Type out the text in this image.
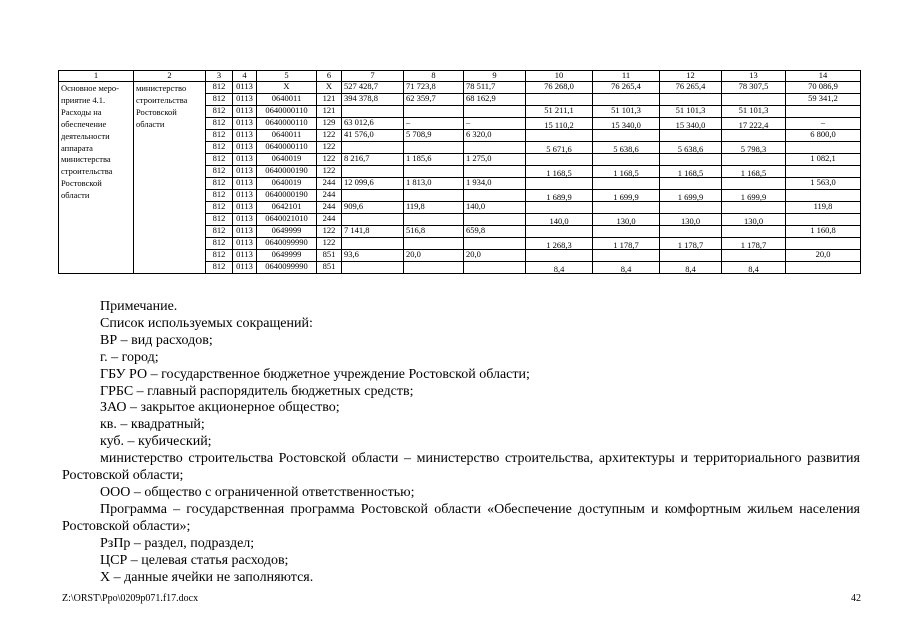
1	2	3	4	5	6	7	8	9	10	11	12	13	14
Основное меро-приятие 4.1. Расходы на обеспечение деятельности аппарата министерства строительства Ростовской области	министерство строительства Ростовской области	812	0113	Х	Х	527 428,7	71 723,8	78 511,7	76 268,0	76 265,4	76 265,4	78 307,5	70 086,9
		812	0113	0640011	121	394 378,8	62 359,7	68 162,9					59 341,2
		812	0113	0640000110	121				51 211,1	51 101,3	51 101,3	51 101,3	
		812	0113	0640000110	129	63 012,6	–	–	15 110,2	15 340,0	15 340,0	17 222,4	–
		812	0113	0640011	122	41 576,0	5 708,9	6 320,0					6 800,0
		812	0113	0640000110	122				5 671,6	5 638,6	5 638,6	5 798,3	
		812	0113	0640019	122	8 216,7	1 185,6	1 275,0					1 082,1
		812	0113	0640000190	122				1 168,5	1 168,5	1 168,5	1 168,5	
		812	0113	0640019	244	12 099,6	1 813,0	1 934,0					1 563,0
		812	0113	0640000190	244				1 689,9	1 699,9	1 699,9	1 699,9	
		812	0113	0642101	244	909,6	119,8	140,0					119,8
		812	0113	0640021010	244				140,0	130,0	130,0	130,0	
		812	0113	0649999	122	7 141,8	516,8	659,8					1 160,8
		812	0113	0640099990	122				1 268,3	1 178,7	1 178,7	1 178,7	
		812	0113	0649999	851	93,6	20,0	20,0					20,0
		812	0113	0640099990	851				8,4	8,4	8,4	8,4	

Примечание.

Список используемых сокращений:

ВР – вид расходов;

г. – город;

ГБУ РО – государственное бюджетное учреждение Ростовской области;

ГРБС – главный распорядитель бюджетных средств;

ЗАО – закрытое акционерное общество;

кв. – квадратный;

куб. – кубический;

министерство строительства Ростовской области – министерство строительства, архитектуры и территориального развития Ростовской области;

ООО – общество с ограниченной ответственностью;

Программа – государственная программа Ростовской области «Обеспечение доступным и комфортным жильем населения Ростовской области»;

РзПр – раздел, подраздел;

ЦСР – целевая статья расходов;

Х – данные ячейки не заполняются.

Z:\ORST\Ppo\0209p071.f17.docx	42
